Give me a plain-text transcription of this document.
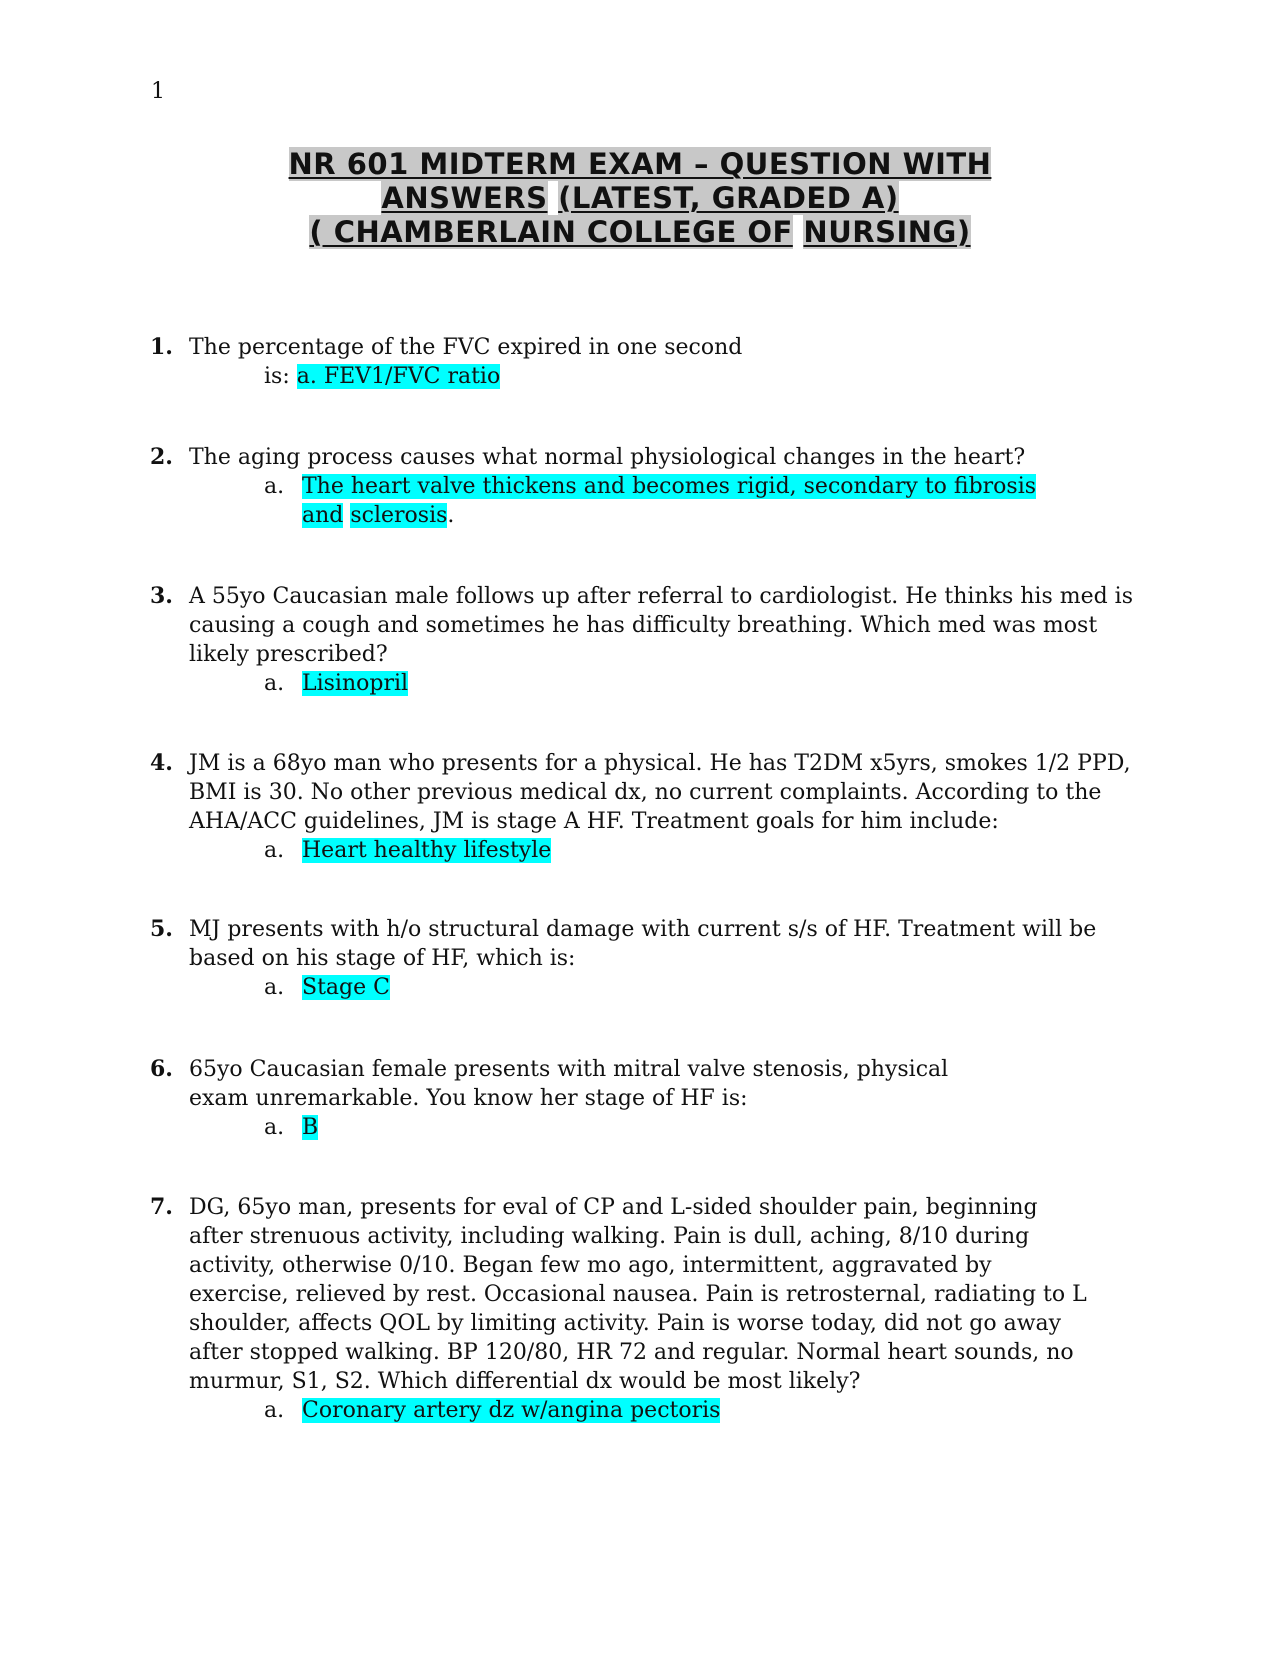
1
NR 601 MIDTERM EXAM – QUESTION WITH
ANSWERS (LATEST, GRADED A)
( CHAMBERLAIN COLLEGE OF NURSING)
1. The percentage of the FVC expired in one second
is: a. FEV1/FVC ratio
2. The aging process causes what normal physiological changes in the heart?
a. The heart valve thickens and becomes rigid, secondary to fibrosis
and sclerosis.
3. A 55yo Caucasian male follows up after referral to cardiologist. He thinks his med is causing a cough and sometimes he has difficulty breathing. Which med was most likely prescribed?
a. Lisinopril
4. JM is a 68yo man who presents for a physical. He has T2DM x5yrs, smokes 1/2 PPD, BMI is 30. No other previous medical dx, no current complaints. According to the AHA/ACC guidelines, JM is stage A HF. Treatment goals for him include:
a. Heart healthy lifestyle
5. MJ presents with h/o structural damage with current s/s of HF. Treatment will be based on his stage of HF, which is:
a. Stage C
6. 65yo Caucasian female presents with mitral valve stenosis, physical
exam unremarkable. You know her stage of HF is:
a. B
7. DG, 65yo man, presents for eval of CP and L-sided shoulder pain, beginning after strenuous activity, including walking. Pain is dull, aching, 8/10 during activity, otherwise 0/10. Began few mo ago, intermittent, aggravated by exercise, relieved by rest. Occasional nausea. Pain is retrosternal, radiating to L shoulder, affects QOL by limiting activity. Pain is worse today, did not go away after stopped walking. BP 120/80, HR 72 and regular. Normal heart sounds, no murmur, S1, S2. Which differential dx would be most likely?
a. Coronary artery dz w/angina pectoris
